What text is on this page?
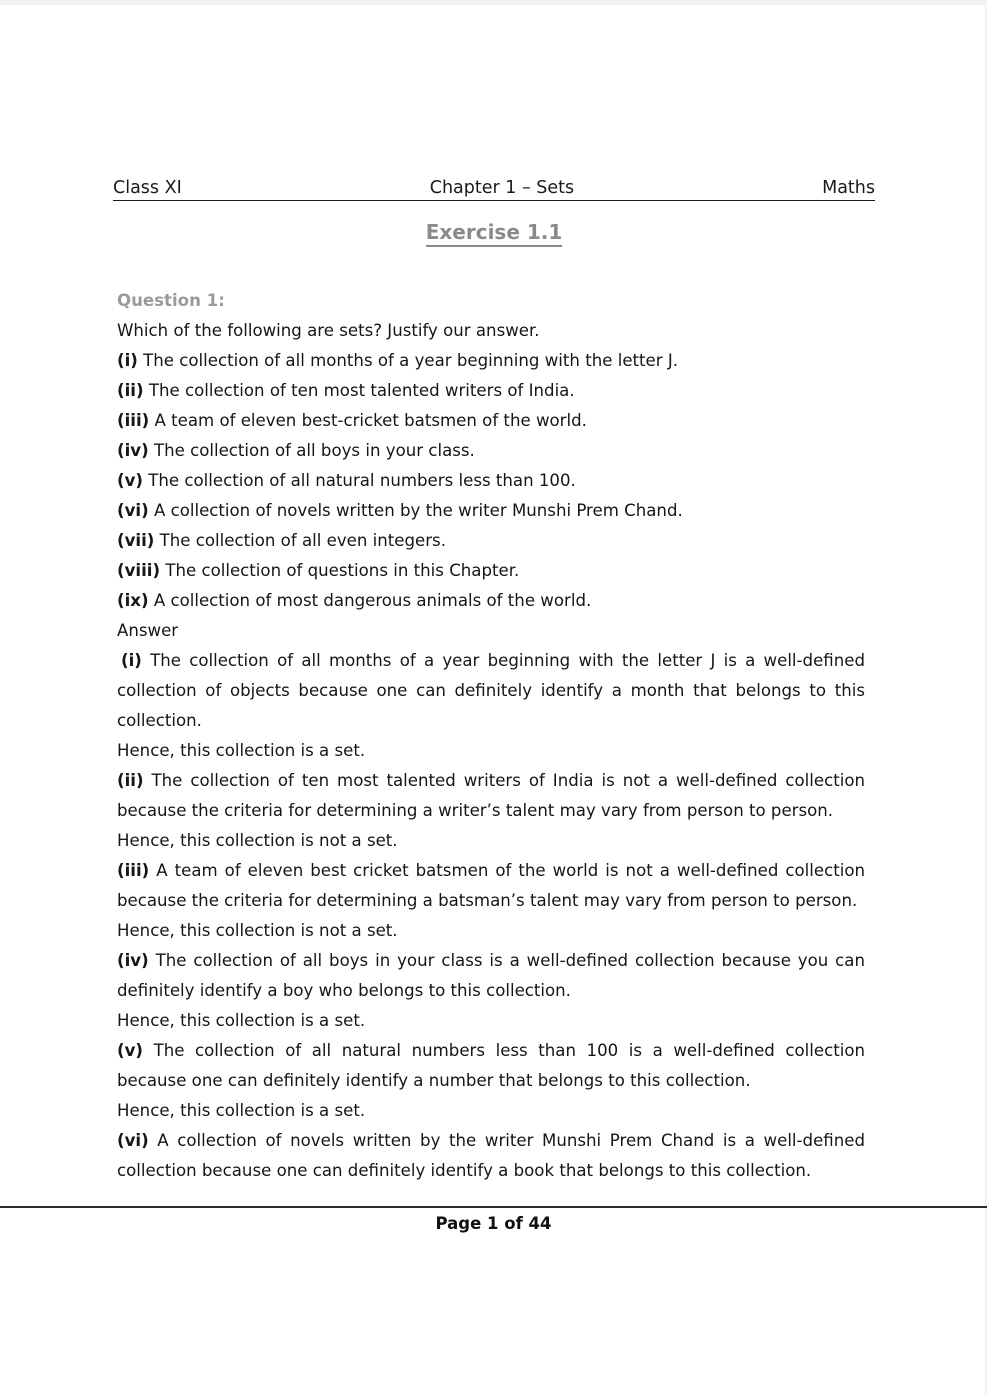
Class XI	Chapter 1 – Sets	Maths
Exercise 1.1

Question 1:

Which of the following are sets? Justify our answer.

(i) The collection of all months of a year beginning with the letter J.

(ii) The collection of ten most talented writers of India.

(iii) A team of eleven best-cricket batsmen of the world.

(iv) The collection of all boys in your class.

(v) The collection of all natural numbers less than 100.

(vi) A collection of novels written by the writer Munshi Prem Chand.

(vii) The collection of all even integers.

(viii) The collection of questions in this Chapter.

(ix) A collection of most dangerous animals of the world.

Answer

(i) The collection of all months of a year beginning with the letter J is a well-defined collection of objects because one can definitely identify a month that belongs to this collection.

Hence, this collection is a set.

(ii) The collection of ten most talented writers of India is not a well-defined collection because the criteria for determining a writer’s talent may vary from person to person.

Hence, this collection is not a set.

(iii) A team of eleven best cricket batsmen of the world is not a well-defined collection because the criteria for determining a batsman’s talent may vary from person to person.

Hence, this collection is not a set.

(iv) The collection of all boys in your class is a well-defined collection because you can definitely identify a boy who belongs to this collection.

Hence, this collection is a set.

(v) The collection of all natural numbers less than 100 is a well-defined collection because one can definitely identify a number that belongs to this collection.

Hence, this collection is a set.

(vi) A collection of novels written by the writer Munshi Prem Chand is a well-defined collection because one can definitely identify a book that belongs to this collection.

Page 1 of 44
